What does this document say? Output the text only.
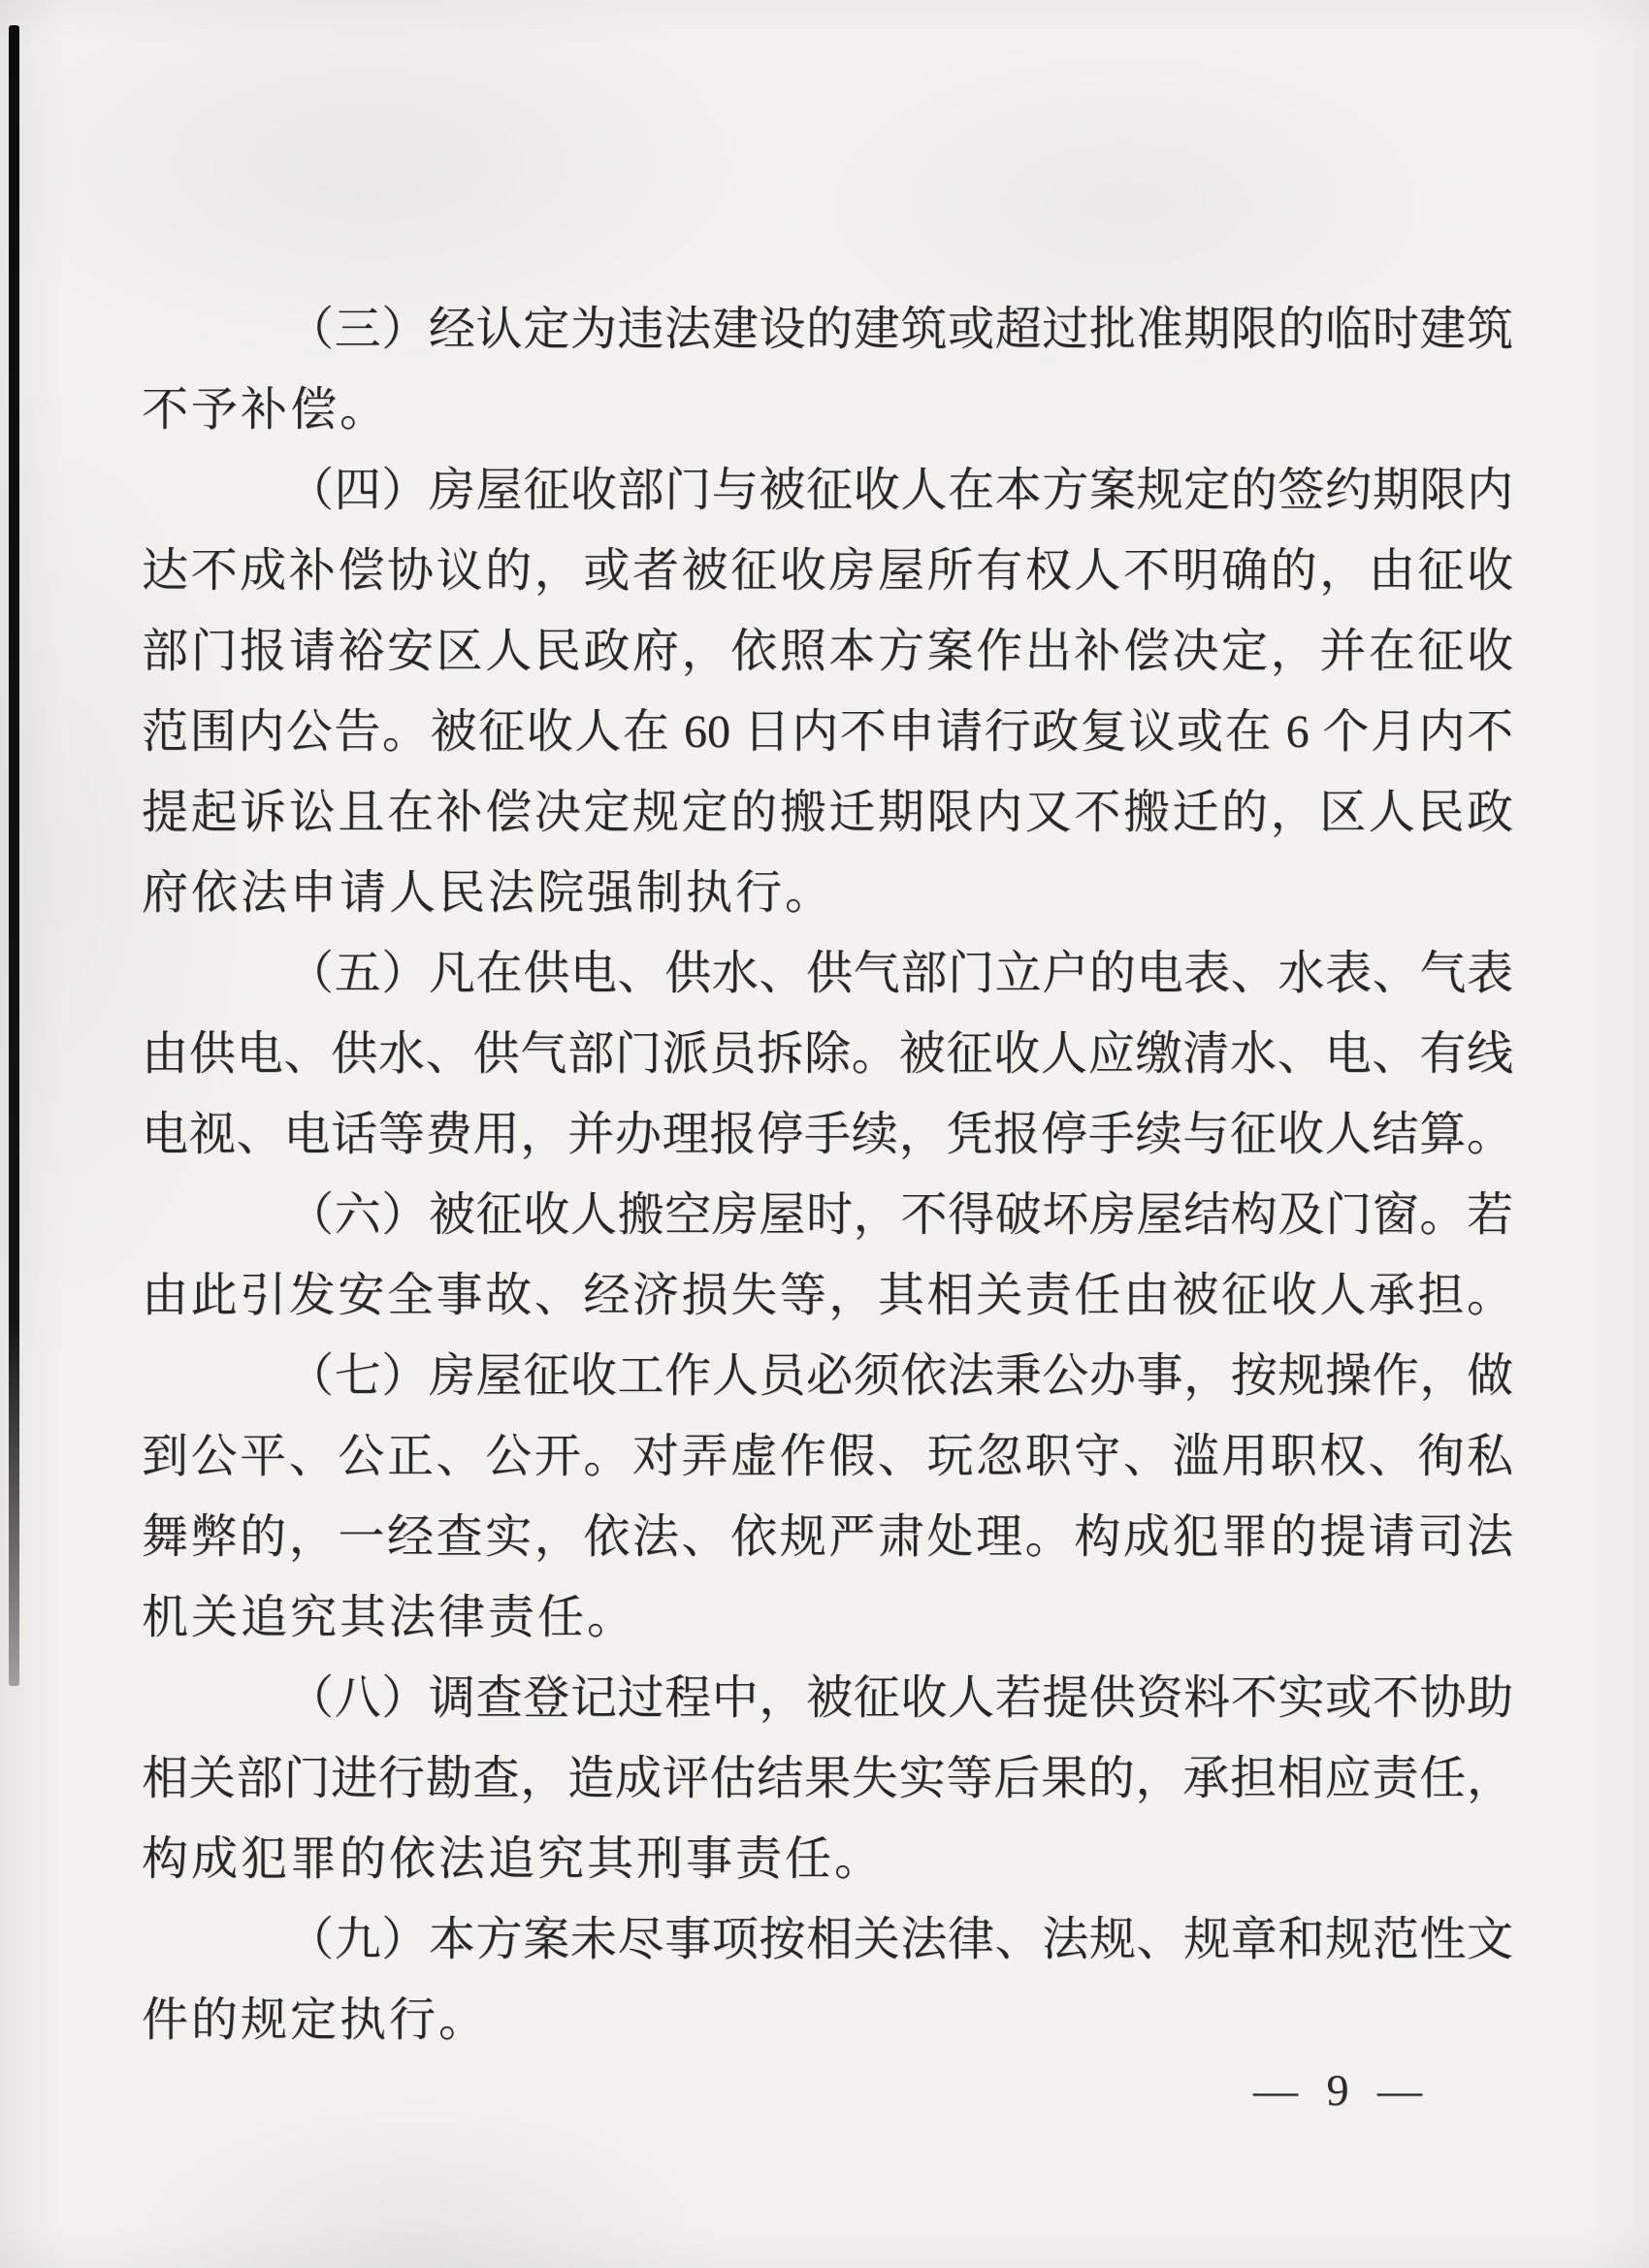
（三）经认定为违法建设的建筑或超过批准期限的临时建筑
不予补偿。
（四）房屋征收部门与被征收人在本方案规定的签约期限内
达不成补偿协议的，或者被征收房屋所有权人不明确的，由征收
部门报请裕安区人民政府，依照本方案作出补偿决定，并在征收
范围内公告。被征收人在 60 日内不申请行政复议或在 6 个月内不
提起诉讼且在补偿决定规定的搬迁期限内又不搬迁的，区人民政
府依法申请人民法院强制执行。
（五）凡在供电、供水、供气部门立户的电表、水表、气表
由供电、供水、供气部门派员拆除。被征收人应缴清水、电、有线
电视、电话等费用，并办理报停手续，凭报停手续与征收人结算。
（六）被征收人搬空房屋时，不得破坏房屋结构及门窗。若
由此引发安全事故、经济损失等，其相关责任由被征收人承担。
（七）房屋征收工作人员必须依法秉公办事，按规操作，做
到公平、公正、公开。对弄虚作假、玩忽职守、滥用职权、徇私
舞弊的，一经查实，依法、依规严肃处理。构成犯罪的提请司法
机关追究其法律责任。
（八）调查登记过程中，被征收人若提供资料不实或不协助
相关部门进行勘查，造成评估结果失实等后果的，承担相应责任，
构成犯罪的依法追究其刑事责任。
（九）本方案未尽事项按相关法律、法规、规章和规范性文
件的规定执行。
— 9 —
